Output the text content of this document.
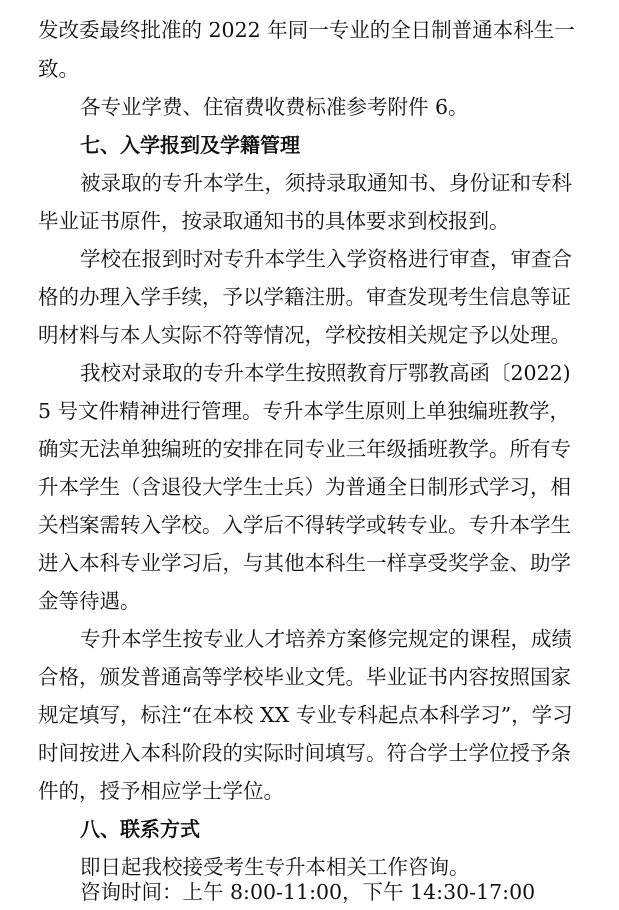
发改委最终批准的 2022 年同一专业的全日制普通本科生一
致。
各专业学费、住宿费收费标准参考附件 6。
七、入学报到及学籍管理
被录取的专升本学生，须持录取通知书、身份证和专科
毕业证书原件，按录取通知书的具体要求到校报到。
学校在报到时对专升本学生入学资格进行审查，审查合
格的办理入学手续，予以学籍注册。审查发现考生信息等证
明材料与本人实际不符等情况，学校按相关规定予以处理。
我校对录取的专升本学生按照教育厅鄂教高函〔2022)
5 号文件精神进行管理。专升本学生原则上单独编班教学，
确实无法单独编班的安排在同专业三年级插班教学。所有专
升本学生（含退役大学生士兵）为普通全日制形式学习，相
关档案需转入学校。入学后不得转学或转专业。专升本学生
进入本科专业学习后，与其他本科生一样享受奖学金、助学
金等待遇。
专升本学生按专业人才培养方案修完规定的课程，成绩
合格，颁发普通高等学校毕业文凭。毕业证书内容按照国家
规定填写，标注“在本校 XX 专业专科起点本科学习”，学习
时间按进入本科阶段的实际时间填写。符合学士学位授予条
件的，授予相应学士学位。
八、联系方式
即日起我校接受考生专升本相关工作咨询。
咨询时间：上午 8:00-11:00，下午 14:30-17:00
